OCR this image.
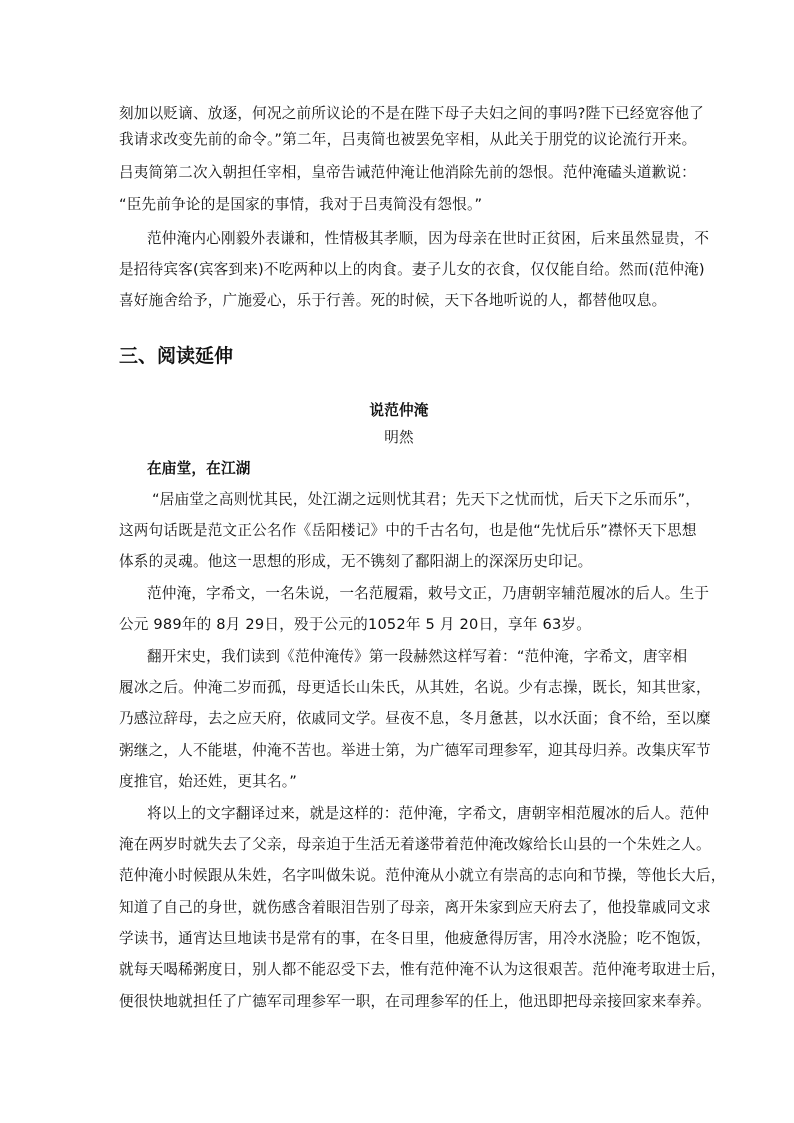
刻加以贬谪、放逐，何况之前所议论的不是在陛下母子夫妇之间的事吗?陛下已经宽容他了
我请求改变先前的命令。”第二年，吕夷简也被罢免宰相，从此关于朋党的议论流行开来。
吕夷简第二次入朝担任宰相，皇帝告诫范仲淹让他消除先前的怨恨。范仲淹磕头道歉说：
“臣先前争论的是国家的事情，我对于吕夷简没有怨恨。”
范仲淹内心刚毅外表谦和，性情极其孝顺，因为母亲在世时正贫困，后来虽然显贵，不
是招待宾客(宾客到来)不吃两种以上的肉食。妻子儿女的衣食，仅仅能自给。然而(范仲淹)
喜好施舍给予，广施爱心，乐于行善。死的时候，天下各地听说的人，都替他叹息。
三、阅读延伸
说范仲淹
明然
在庙堂，在江湖
“居庙堂之高则忧其民，处江湖之远则忧其君；先天下之忧而忧，后天下之乐而乐”，
这两句话既是范文正公名作《岳阳楼记》中的千古名句，也是他“先忧后乐”襟怀天下思想
体系的灵魂。他这一思想的形成，无不镌刻了鄱阳湖上的深深历史印记。
范仲淹，字希文，一名朱说，一名范履霜，敕号文正，乃唐朝宰辅范履冰的后人。生于
公元 989年的 8月 29日，殁于公元的1052年 5 月 20日，享年 63岁。
翻开宋史，我们读到《范仲淹传》第一段赫然这样写着：“范仲淹，字希文，唐宰相
履冰之后。仲淹二岁而孤，母更适长山朱氏，从其姓，名说。少有志操，既长，知其世家，
乃感泣辞母，去之应天府，依戚同文学。昼夜不息，冬月惫甚，以水沃面；食不给，至以糜
粥继之，人不能堪，仲淹不苦也。举进士第，为广德军司理参军，迎其母归养。改集庆军节
度推官，始还姓，更其名。”
将以上的文字翻译过来，就是这样的：范仲淹，字希文，唐朝宰相范履冰的后人。范仲
淹在两岁时就失去了父亲，母亲迫于生活无着遂带着范仲淹改嫁给长山县的一个朱姓之人。
范仲淹小时候跟从朱姓，名字叫做朱说。范仲淹从小就立有崇高的志向和节操，等他长大后，
知道了自己的身世，就伤感含着眼泪告别了母亲，离开朱家到应天府去了，他投靠戚同文求
学读书，通宵达旦地读书是常有的事，在冬日里，他疲惫得厉害，用冷水浇脸；吃不饱饭，
就每天喝稀粥度日，别人都不能忍受下去，惟有范仲淹不认为这很艰苦。范仲淹考取进士后，
便很快地就担任了广德军司理参军一职，在司理参军的任上，他迅即把母亲接回家来奉养。
